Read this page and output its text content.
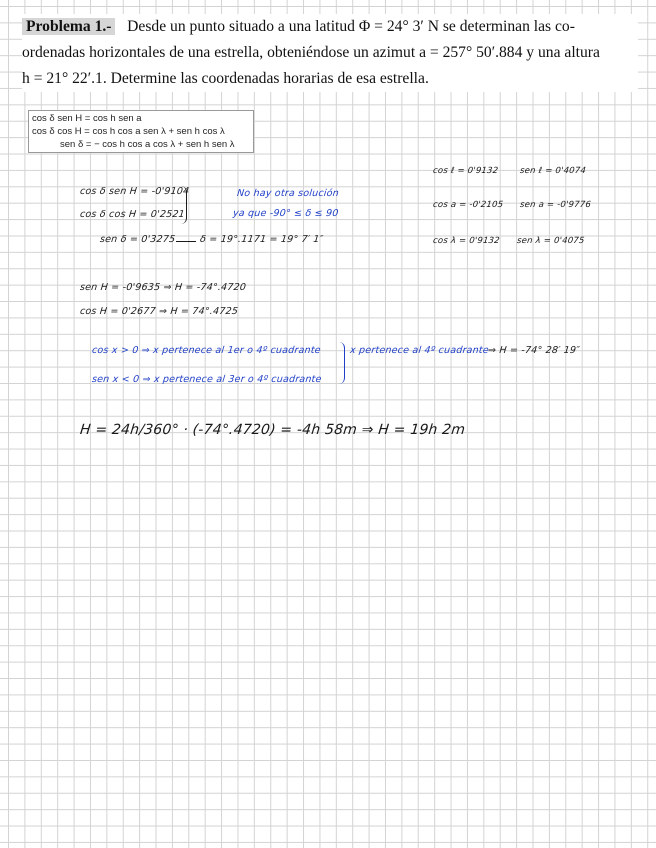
Problema 1.- Desde un punto situado a una latitud Φ = 24° 3′ N se determinan las co-
ordenadas horizontales de una estrella, obteniéndose un azimut a = 257° 50′.884 y una altura
h = 21° 22′.1. Determine las coordenadas horarias de esa estrella.
cos δ sen H = cos h sen a
cos δ cos H = cos h cos a sen λ + sen h cos λ
sen δ = − cos h cos a cos λ + sen h sen λ
cos ℓ = 0'9132 sen ℓ = 0'4074
cos a = -0'2105 sen a = -0'9776
cos λ = 0'9132 sen λ = 0'4075
cos δ sen H = -0'9104
cos δ cos H = 0'2521
sen δ = 0'3275 δ = 19°.1171 = 19° 7′ 1″
No hay otra solución
ya que -90° ≤ δ ≤ 90
sen H = -0'9635 ⇒ H = -74°.4720
cos H = 0'2677 ⇒ H = 74°.4725
cos x > 0 ⇒ x pertenece al 1er o 4º cuadrante
sen x < 0 ⇒ x pertenece al 3er o 4º cuadrante
x pertenece al 4º cuadrante
⇒ H = -74° 28′ 19″
H = 24h/360° · (-74°.4720) = -4h 58m ⇒ H = 19h 2m
